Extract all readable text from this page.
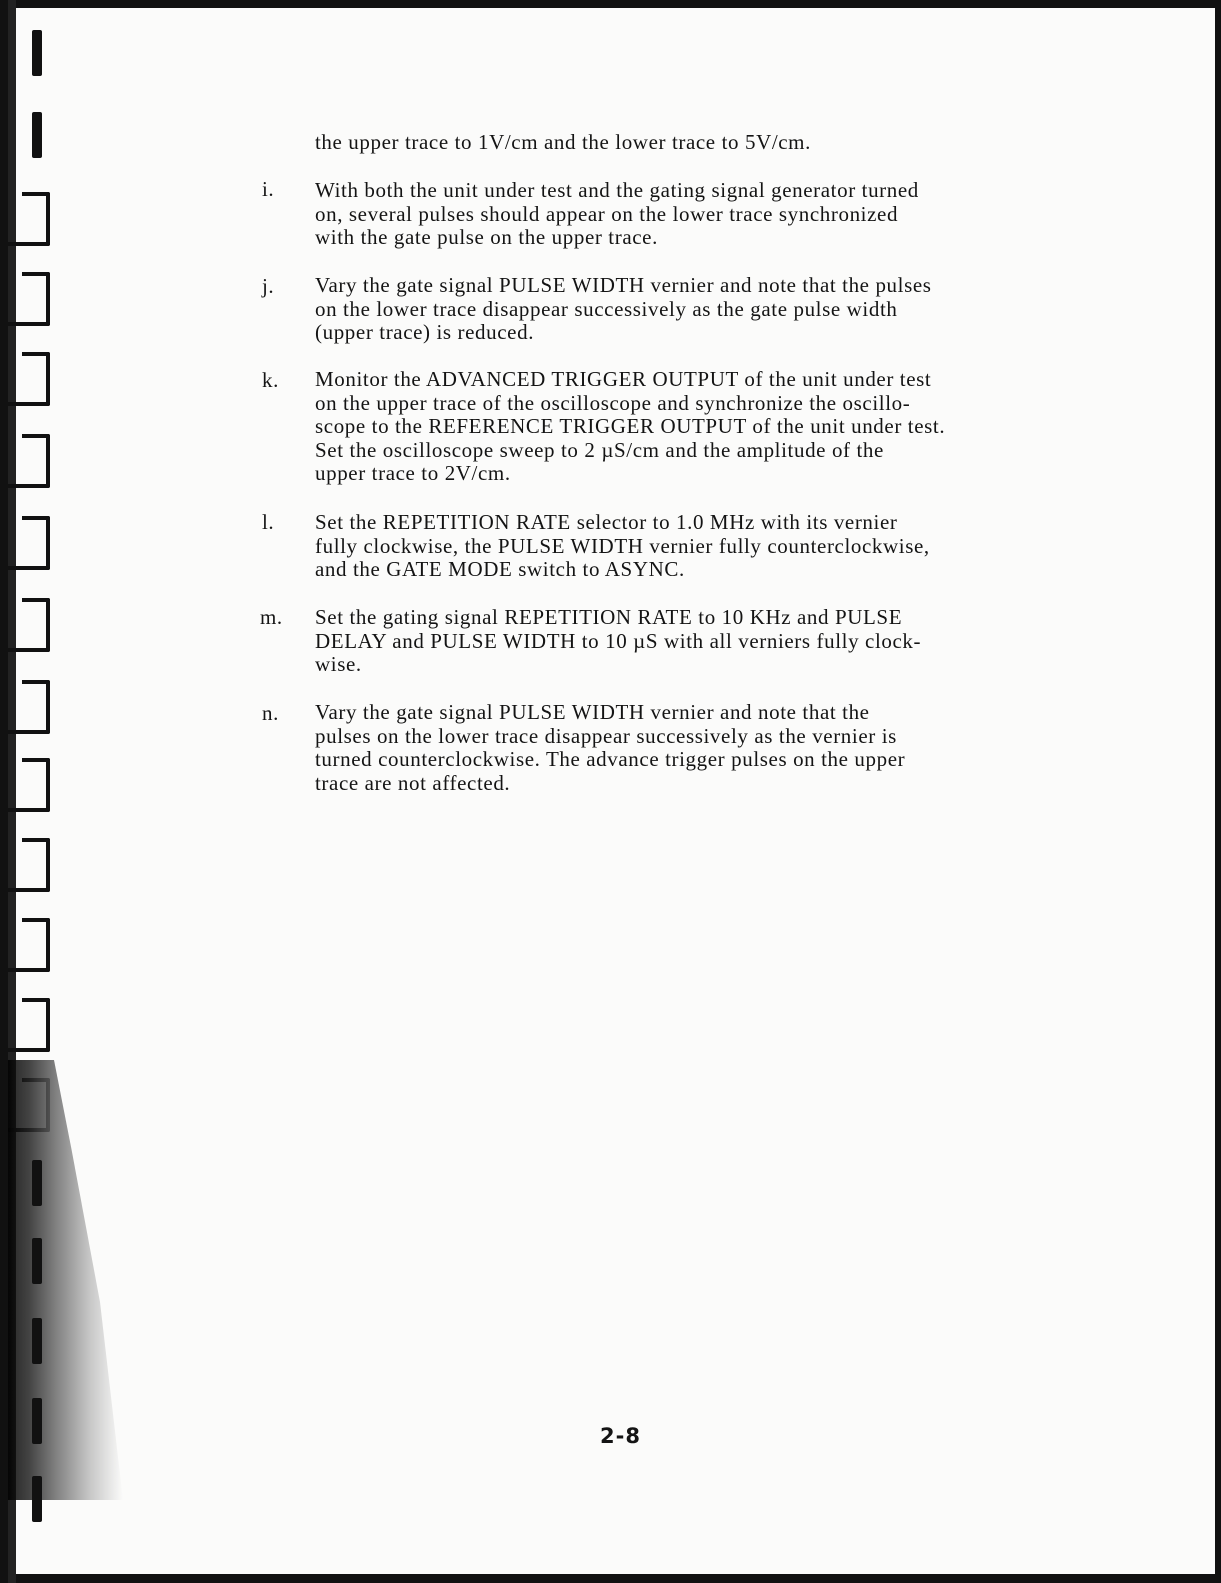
the upper trace to 1V/cm and the lower trace to 5V/cm.
i. With both the unit under test and the gating signal generator turned
on, several pulses should appear on the lower trace synchronized
with the gate pulse on the upper trace.
j. Vary the gate signal PULSE WIDTH vernier and note that the pulses
on the lower trace disappear successively as the gate pulse width
(upper trace) is reduced.
k. Monitor the ADVANCED TRIGGER OUTPUT of the unit under test
on the upper trace of the oscilloscope and synchronize the oscillo-
scope to the REFERENCE TRIGGER OUTPUT of the unit under test.
Set the oscilloscope sweep to 2 µS/cm and the amplitude of the
upper trace to 2V/cm.
l. Set the REPETITION RATE selector to 1.0 MHz with its vernier
fully clockwise, the PULSE WIDTH vernier fully counterclockwise,
and the GATE MODE switch to ASYNC.
m. Set the gating signal REPETITION RATE to 10 KHz and PULSE
DELAY and PULSE WIDTH to 10 µS with all verniers fully clock-
wise.
n. Vary the gate signal PULSE WIDTH vernier and note that the
pulses on the lower trace disappear successively as the vernier is
turned counterclockwise. The advance trigger pulses on the upper
trace are not affected.
2-8
